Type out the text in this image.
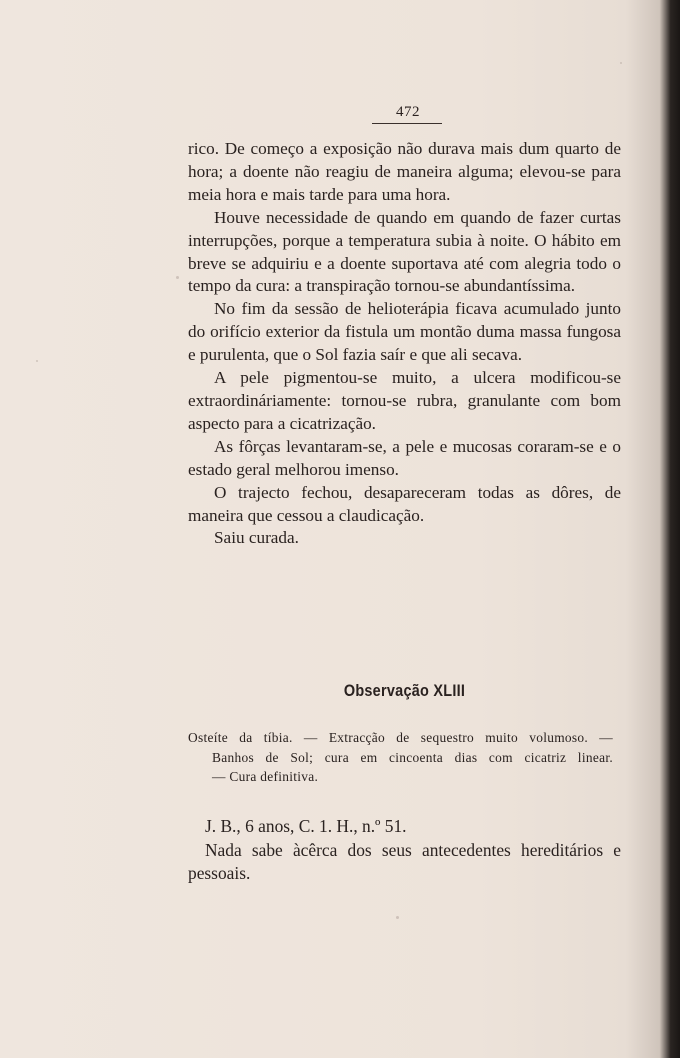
472

rico. De começo a exposição não durava mais dum quarto de hora; a doente não reagiu de maneira alguma; elevou-se para meia hora e mais tarde para uma hora.

Houve necessidade de quando em quando de fazer curtas interrupções, porque a temperatura subia à noite. O hábito em breve se adquiriu e a doente suportava até com alegria todo o tempo da cura: a transpiração tornou-se abundantíssima.

No fim da sessão de helioterápia ficava acumulado junto do orifício exterior da fistula um montão duma massa fungosa e purulenta, que o Sol fazia saír e que ali secava.

A pele pigmentou-se muito, a ulcera modificou-se extraordináriamente: tornou-se rubra, granulante com bom aspecto para a cicatrização.

As fôrças levantaram-se, a pele e mucosas coraram-se e o estado geral melhorou imenso.

O trajecto fechou, desapareceram todas as dôres, de maneira que cessou a claudicação.

Saiu curada.

Observação XLIII
Osteíte da tíbia. — Extracção de sequestro muito volumoso. —
Banhos de Sol; cura em cincoenta dias com cicatriz linear.
— Cura definitiva.

J. B., 6 anos, C. 1. H., n.º 51.

Nada sabe àcêrca dos seus antecedentes hereditários e pessoais.
